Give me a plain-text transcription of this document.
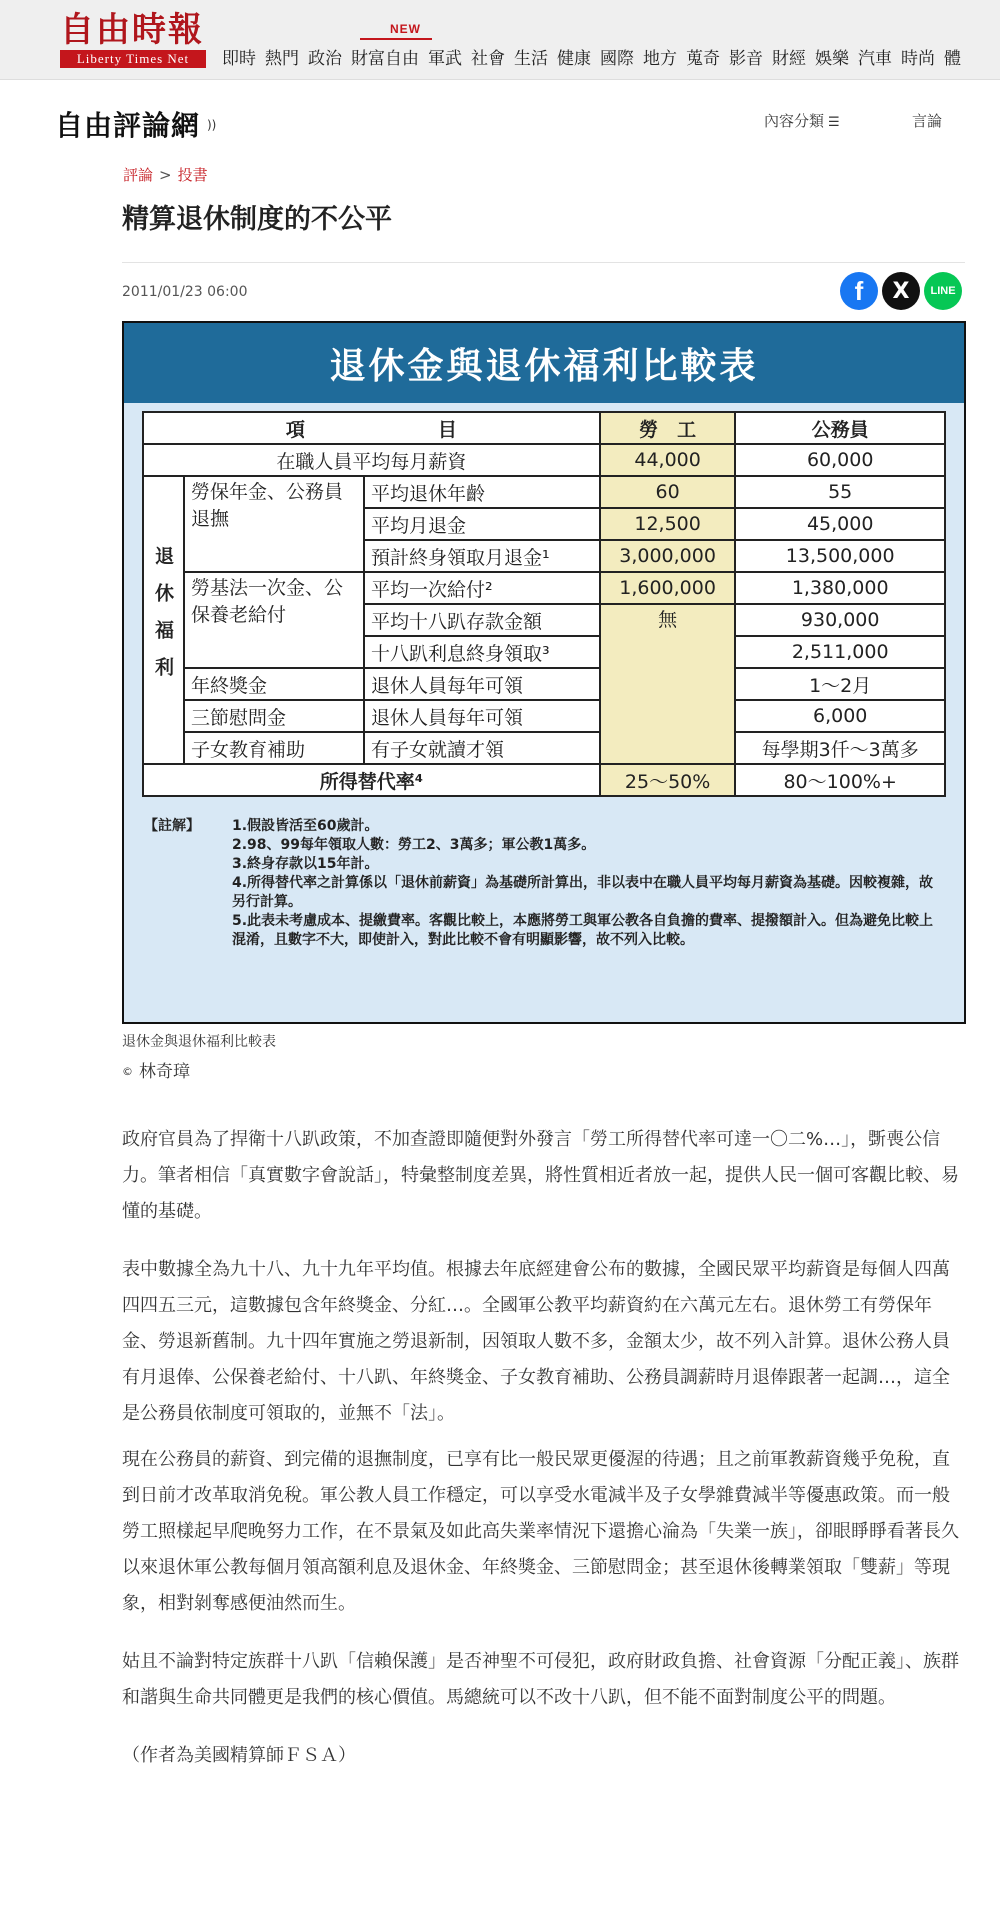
自由時報
Liberty Times Net
NEW
即時 熱門 政治 財富自由 軍武 社會 生活 健康 國際 地方 蒐奇 影音 財經 娛樂 汽車 時尚 體
自由評論網 ))	內容分類 ☰	言論
評論 > 投書
精算退休制度的不公平
2011/01/23 06:00	f X LINE
退休金與退休福利比較表
項　　　　　　　目			勞　工	公務員
在職人員平均每月薪資			44,000	60,000
退休福利	勞保年金、公務員退撫	平均退休年齡	60	55
		平均月退金	12,500	45,000
		預計終身領取月退金¹	3,000,000	13,500,000
	勞基法一次金、公保養老給付	平均一次給付²	1,600,000	1,380,000
		平均十八趴存款金額	無	930,000
		十八趴利息終身領取³		2,511,000
	年終獎金	退休人員每年可領		1～2月
	三節慰問金	退休人員每年可領		6,000
	子女教育補助	有子女就讀才領		每學期3仟～3萬多
所得替代率⁴			25～50%	80～100%+
【註解】	1.假設皆活至60歲計。
2.98、99每年領取人數：勞工2、3萬多；軍公教1萬多。
3.終身存款以15年計。
4.所得替代率之計算係以「退休前薪資」為基礎所計算出，非以表中在職人員平均每月薪資為基礎。因較複雜，故另行計算。
5.此表未考慮成本、提繳費率。客觀比較上，本應將勞工與軍公教各自負擔的費率、提撥額計入。但為避免比較上混淆，且數字不大，即使計入，對此比較不會有明顯影響，故不列入比較。
退休金與退休福利比較表
© 林奇璋

政府官員為了捍衛十八趴政策，不加查證即隨便對外發言「勞工所得替代率可達一〇二%…」，斲喪公信力。筆者相信「真實數字會說話」，特彙整制度差異，將性質相近者放一起，提供人民一個可客觀比較、易懂的基礎。

表中數據全為九十八、九十九年平均值。根據去年底經建會公布的數據，全國民眾平均薪資是每個人四萬四四五三元，這數據包含年終獎金、分紅…。全國軍公教平均薪資約在六萬元左右。退休勞工有勞保年金、勞退新舊制。九十四年實施之勞退新制，因領取人數不多，金額太少，故不列入計算。退休公務人員有月退俸、公保養老給付、十八趴、年終獎金、子女教育補助、公務員調薪時月退俸跟著一起調…，這全是公務員依制度可領取的，並無不「法」。

現在公務員的薪資、到完備的退撫制度，已享有比一般民眾更優渥的待遇；且之前軍教薪資幾乎免稅，直到日前才改革取消免稅。軍公教人員工作穩定，可以享受水電減半及子女學雜費減半等優惠政策。而一般勞工照樣起早爬晚努力工作，在不景氣及如此高失業率情況下還擔心淪為「失業一族」，卻眼睜睜看著長久以來退休軍公教每個月領高額利息及退休金、年終獎金、三節慰問金；甚至退休後轉業領取「雙薪」等現象，相對剝奪感便油然而生。

姑且不論對特定族群十八趴「信賴保護」是否神聖不可侵犯，政府財政負擔、社會資源「分配正義」、族群和諧與生命共同體更是我們的核心價值。馬總統可以不改十八趴，但不能不面對制度公平的問題。

（作者為美國精算師ＦＳＡ）
